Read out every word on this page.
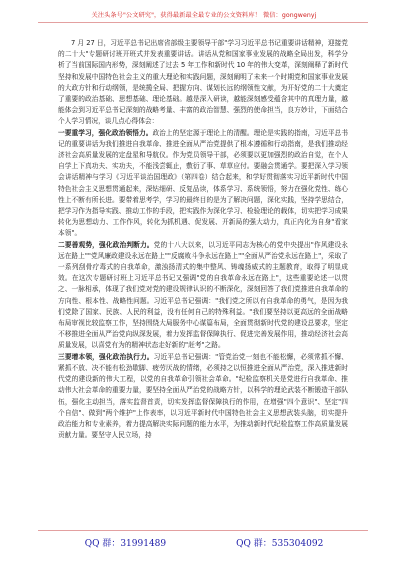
关注头条号"公文研究"，获得最新最全最专业的公文资料库！ 微信：gongwenyj

7 月 27 日，习近平总书记出席省部级主要领导干部"学习习近平总书记重要讲话精神，迎接党的二十大"专题研讨班开班式并发表重要讲话。讲话从党和国家事业发展的战略全局出发，科学分析了当前国际国内形势，深刻阐述了过去 5 年工作和新时代 10 年的伟大变革，深刻阐释了新时代坚持和发展中国特色社会主义的重大理论和实践问题，深刻阐明了未来一个时期党和国家事业发展的大政方针和行动纲领，是统揽全局、把握方向、谋划长远的纲领性文献，为开好党的二十大奠定了重要的政治基础、思想基础、理论基础。越是深入研读，越能深刻感受蕴含其中的真理力量，越能体会到习近平总书记深刻的战略考量、丰富的政治智慧、强烈的使命担当，良方妙计，下面结合个人学习情况，谈几点心得体会：

一要重学习，强化政治领悟力。政治上的坚定源于理论上的清醒。理论是实践的指南，习近平总书记的重要讲话为我们推进自我革命、推进全面从严治党提供了根本遵循和行动指南，是我们推动经济社会高质量发展的定盘星和导航仪。作为党员领导干部，必须要以更加强烈的政治自觉，在个人自学上下真功夫、实功夫，不能浅尝辄止，敷衍了事、草草应付。要融会贯通学。要把深入学习领会讲话精神与学习《习近平谈治国理政》（第四卷）结合起来，和学好贯彻落实习近平新时代中国特色社会主义思想贯通起来，深钻细研、反复品读，体系学习、系统领悟，努力在强化党性、练心性上不断有所长进。要带着思考学，学习的最终目的是为了解决问题，深化实践，坚持学思结合，把学习作为指导实践、推动工作的手段，把实践作为深化学习、检验理论的载体，切实把学习成果转化为思想动力、工作作风，转化为抓机遇、促发展、开新局的强大动力，真正内化为自身"看家本领"。

二要善观势，强化政治判断力。党的十八大以来，以习近平同志为核心的党中央提出"作风建设永远在路上""党风廉政建设永远在路上""反腐败斗争永远在路上""全面从严治党永远在路上"，采取了一系列刮骨疗毒式的自我革命，激浊扬清式的集中整风、铸魂扬威式的主题教育，取得了明显成效。在这次专题研讨班上习近平总书记又强调"党的自我革命永远在路上"，这些重要论述一以贯之、一脉相承，体现了我们党对党的建设规律认识的不断深化，深刻回答了我们党推进自我革命的方向性、根本性、战略性问题。习近平总书记强调："我们党之所以有自我革命的勇气，是因为我们党除了国家、民族、人民的利益，没有任何自己的特殊利益。"我们要坚持以更高远的全面战略布局审视比较监察工作，坚持围绕大局服务中心谋篇布局，全面贯彻新时代党的建设总要求，坚定不移推进全面从严治党向纵深发展，着力发挥监督保障执行、促进完善发展作用，推动经济社会高质量发展，以喜党有为的精神状态走好新的"赶考"之路。

三要增本领，强化政治执行力。习近平总书记强调："管党治党一刻也不能松懈，必须常抓不懈、紧抓不放、决不能有松劲歇脚、疲劳厌战的情绪，必须持之以恒推进全面从严治党，深入推进新时代党的建设新的伟大工程，以党的自我革命引领社会革命。"纪检监察机关是党进行自我革命、推动伟大社会革命的重要力量，要坚持全面从严治党的战略方针，以科学的理论武装不断锻造干部队伍，强化主动担当，落实监督首责，切实发挥监督保障执行的作用，在增强"四个意识"、坚定"四个自信"、做到"两个维护"上作表率，以习近平新时代中国特色社会主义思想武装头脑，切实提升政治能力和专业素养，着力提高解决实际问题的能力水平，为推动新时代纪检监察工作高质量发展贡献力量。要坚守人民立场，持

QQ 群：31991489	QQ 群：535304092
